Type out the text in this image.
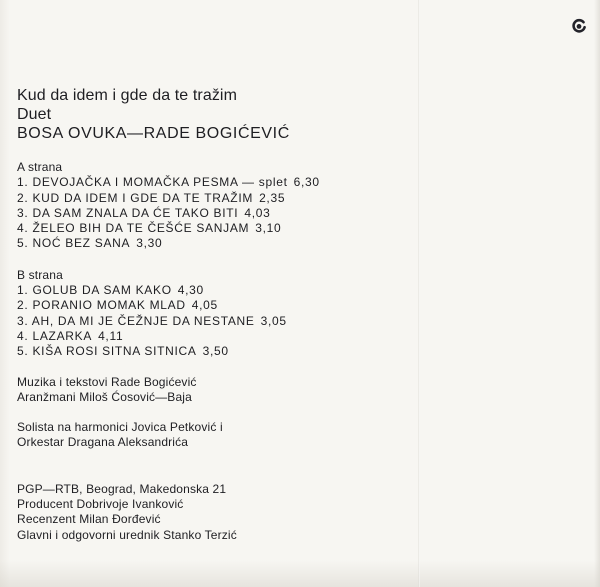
Kud da idem i gde da te tražim

Duet

BOSA OVUKA—RADE BOGIĆEVIĆ

A strana

1. DEVOJAČKA I MOMAČKA PESMA — splet 6,30

2. KUD DA IDEM I GDE DA TE TRAŽIM 2,35

3. DA SAM ZNALA DA ĆE TAKO BITI 4,03

4. ŽELEO BIH DA TE ČEŠĆE SANJAM 3,10

5. NOĆ BEZ SANA 3,30

B strana

1. GOLUB DA SAM KAKO 4,30

2. PORANIO MOMAK MLAD 4,05

3. AH, DA MI JE ČEŽNJE DA NESTANE 3,05

4. LAZARKA 4,11

5. KIŠA ROSI SITNA SITNICA 3,50

Muzika i tekstovi Rade Bogićević

Aranžmani Miloš Ćosović—Baja

Solista na harmonici Jovica Petković i

Orkestar Dragana Aleksandrića

PGP—RTB, Beograd, Makedonska 21

Producent Dobrivoje Ivanković

Recenzent Milan Đorđević

Glavni i odgovorni urednik Stanko Terzić
